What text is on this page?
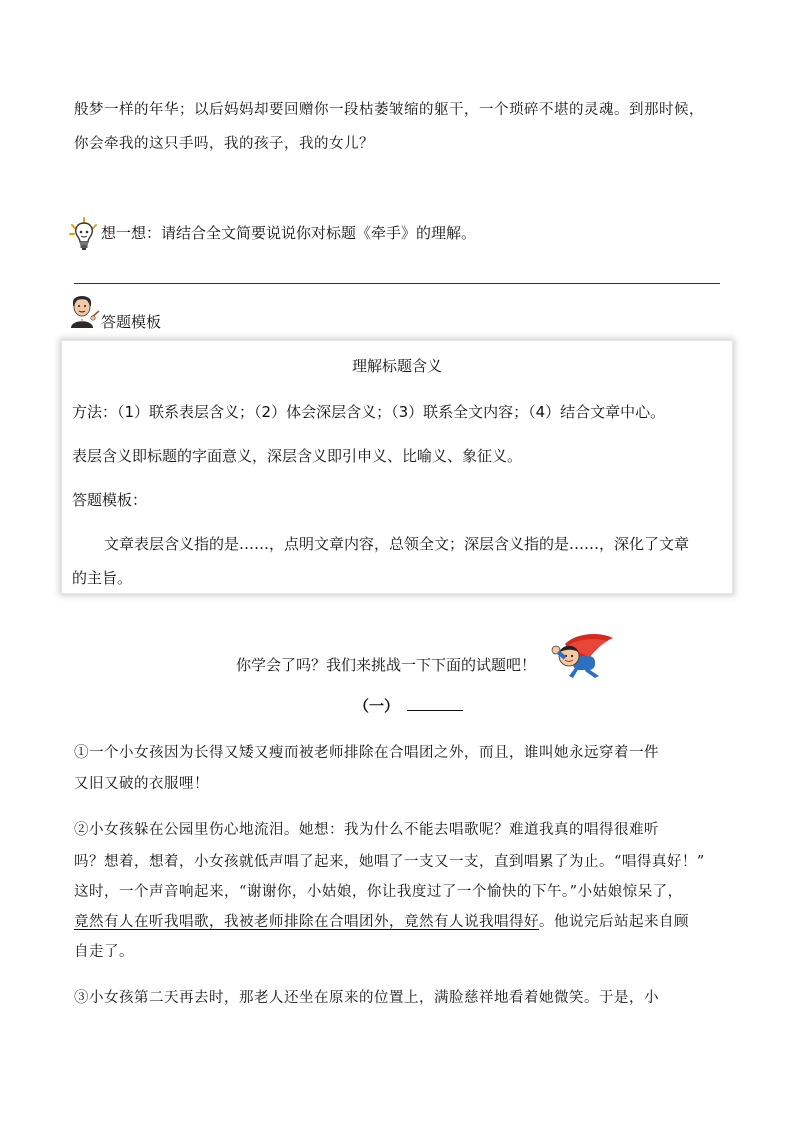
般梦一样的年华；以后妈妈却要回赠你一段枯萎皱缩的躯干，一个琐碎不堪的灵魂。到那时候，
你会牵我的这只手吗，我的孩子，我的女儿？
想一想：请结合全文简要说说你对标题《牵手》的理解。
答题模板
理解标题含义
方法：（1）联系表层含义；（2）体会深层含义；（3）联系全文内容；（4）结合文章中心。
表层含义即标题的字面意义，深层含义即引申义、比喻义、象征义。
答题模板：
文章表层含义指的是……，点明文章内容，总领全文；深层含义指的是……，深化了文章
的主旨。
你学会了吗？我们来挑战一下下面的试题吧！
（一）
①一个小女孩因为长得又矮又瘦而被老师排除在合唱团之外，而且，谁叫她永远穿着一件
又旧又破的衣服哩！
②小女孩躲在公园里伤心地流泪。她想：我为什么不能去唱歌呢？难道我真的唱得很难听
吗？想着，想着，小女孩就低声唱了起来，她唱了一支又一支，直到唱累了为止。“唱得真好！”
这时，一个声音响起来，“谢谢你，小姑娘，你让我度过了一个愉快的下午。”小姑娘惊呆了，
竟然有人在听我唱歌，我被老师排除在合唱团外，竟然有人说我唱得好。他说完后站起来自顾
自走了。
③小女孩第二天再去时，那老人还坐在原来的位置上，满脸慈祥地看着她微笑。于是，小
